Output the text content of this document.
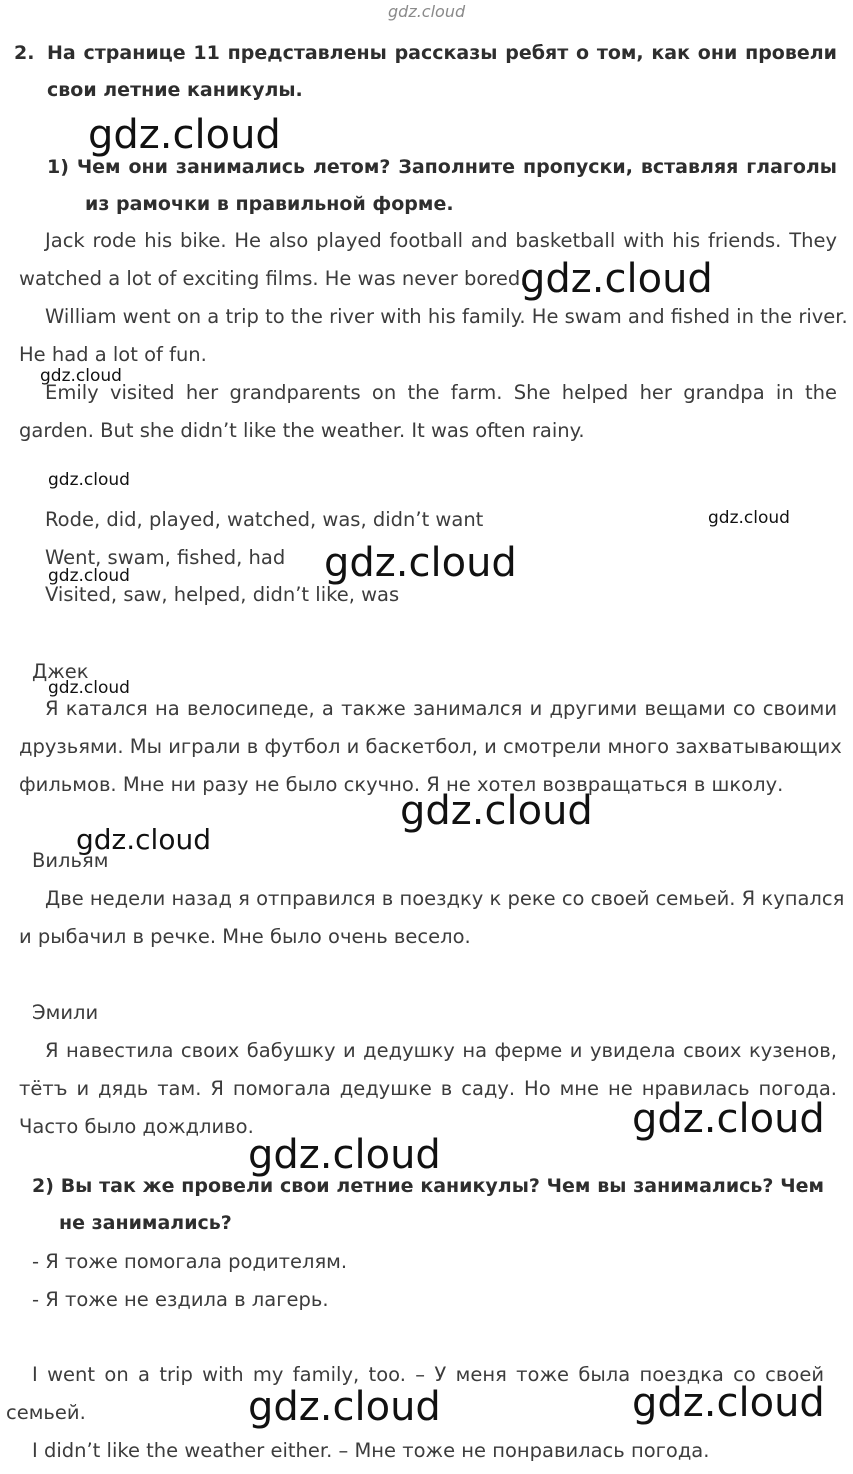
gdz.cloud
2. На странице 11 представлены рассказы ребят о том, как они провели
свои летние каникулы.
1) Чем они занимались летом? Заполните пропуски, вставляя глаголы
из рамочки в правильной форме.
Jack rode his bike. He also played football and basketball with his friends. They
watched a lot of exciting films. He was never bored.
William went on a trip to the river with his family. He swam and fished in the river.
He had a lot of fun.
Emily visited her grandparents on the farm. She helped her grandpa in the
garden. But she didn’t like the weather. It was often rainy.
Rode, did, played, watched, was, didn’t want
Went, swam, fished, had
Visited, saw, helped, didn’t like, was
Джек
Я катался на велосипеде, а также занимался и другими вещами со своими
друзьями. Мы играли в футбол и баскетбол, и смотрели много захватывающих
фильмов. Мне ни разу не было скучно. Я не хотел возвращаться в школу.
Вильям
Две недели назад я отправился в поездку к реке со своей семьей. Я купался
и рыбачил в речке. Мне было очень весело.
Эмили
Я навестила своих бабушку и дедушку на ферме и увидела своих кузенов,
тётъ и дядь там. Я помогала дедушке в саду. Но мне не нравилась погода.
Часто было дождливо.
2) Вы так же провели свои летние каникулы? Чем вы занимались? Чем
не занимались?
- Я тоже помогала родителям.
- Я тоже не ездила в лагерь.
I went on a trip with my family, too. – У меня тоже была поездка со своей
семьей.
I didn’t like the weather either. – Мне тоже не понравилась погода.
gdz.cloud
gdz.cloud
gdz.cloud
gdz.cloud
gdz.cloud
gdz.cloud
gdz.cloud
gdz.cloud
gdz.cloud
gdz.cloud
gdz.cloud
gdz.cloud
gdz.cloud	gdz.cloud
